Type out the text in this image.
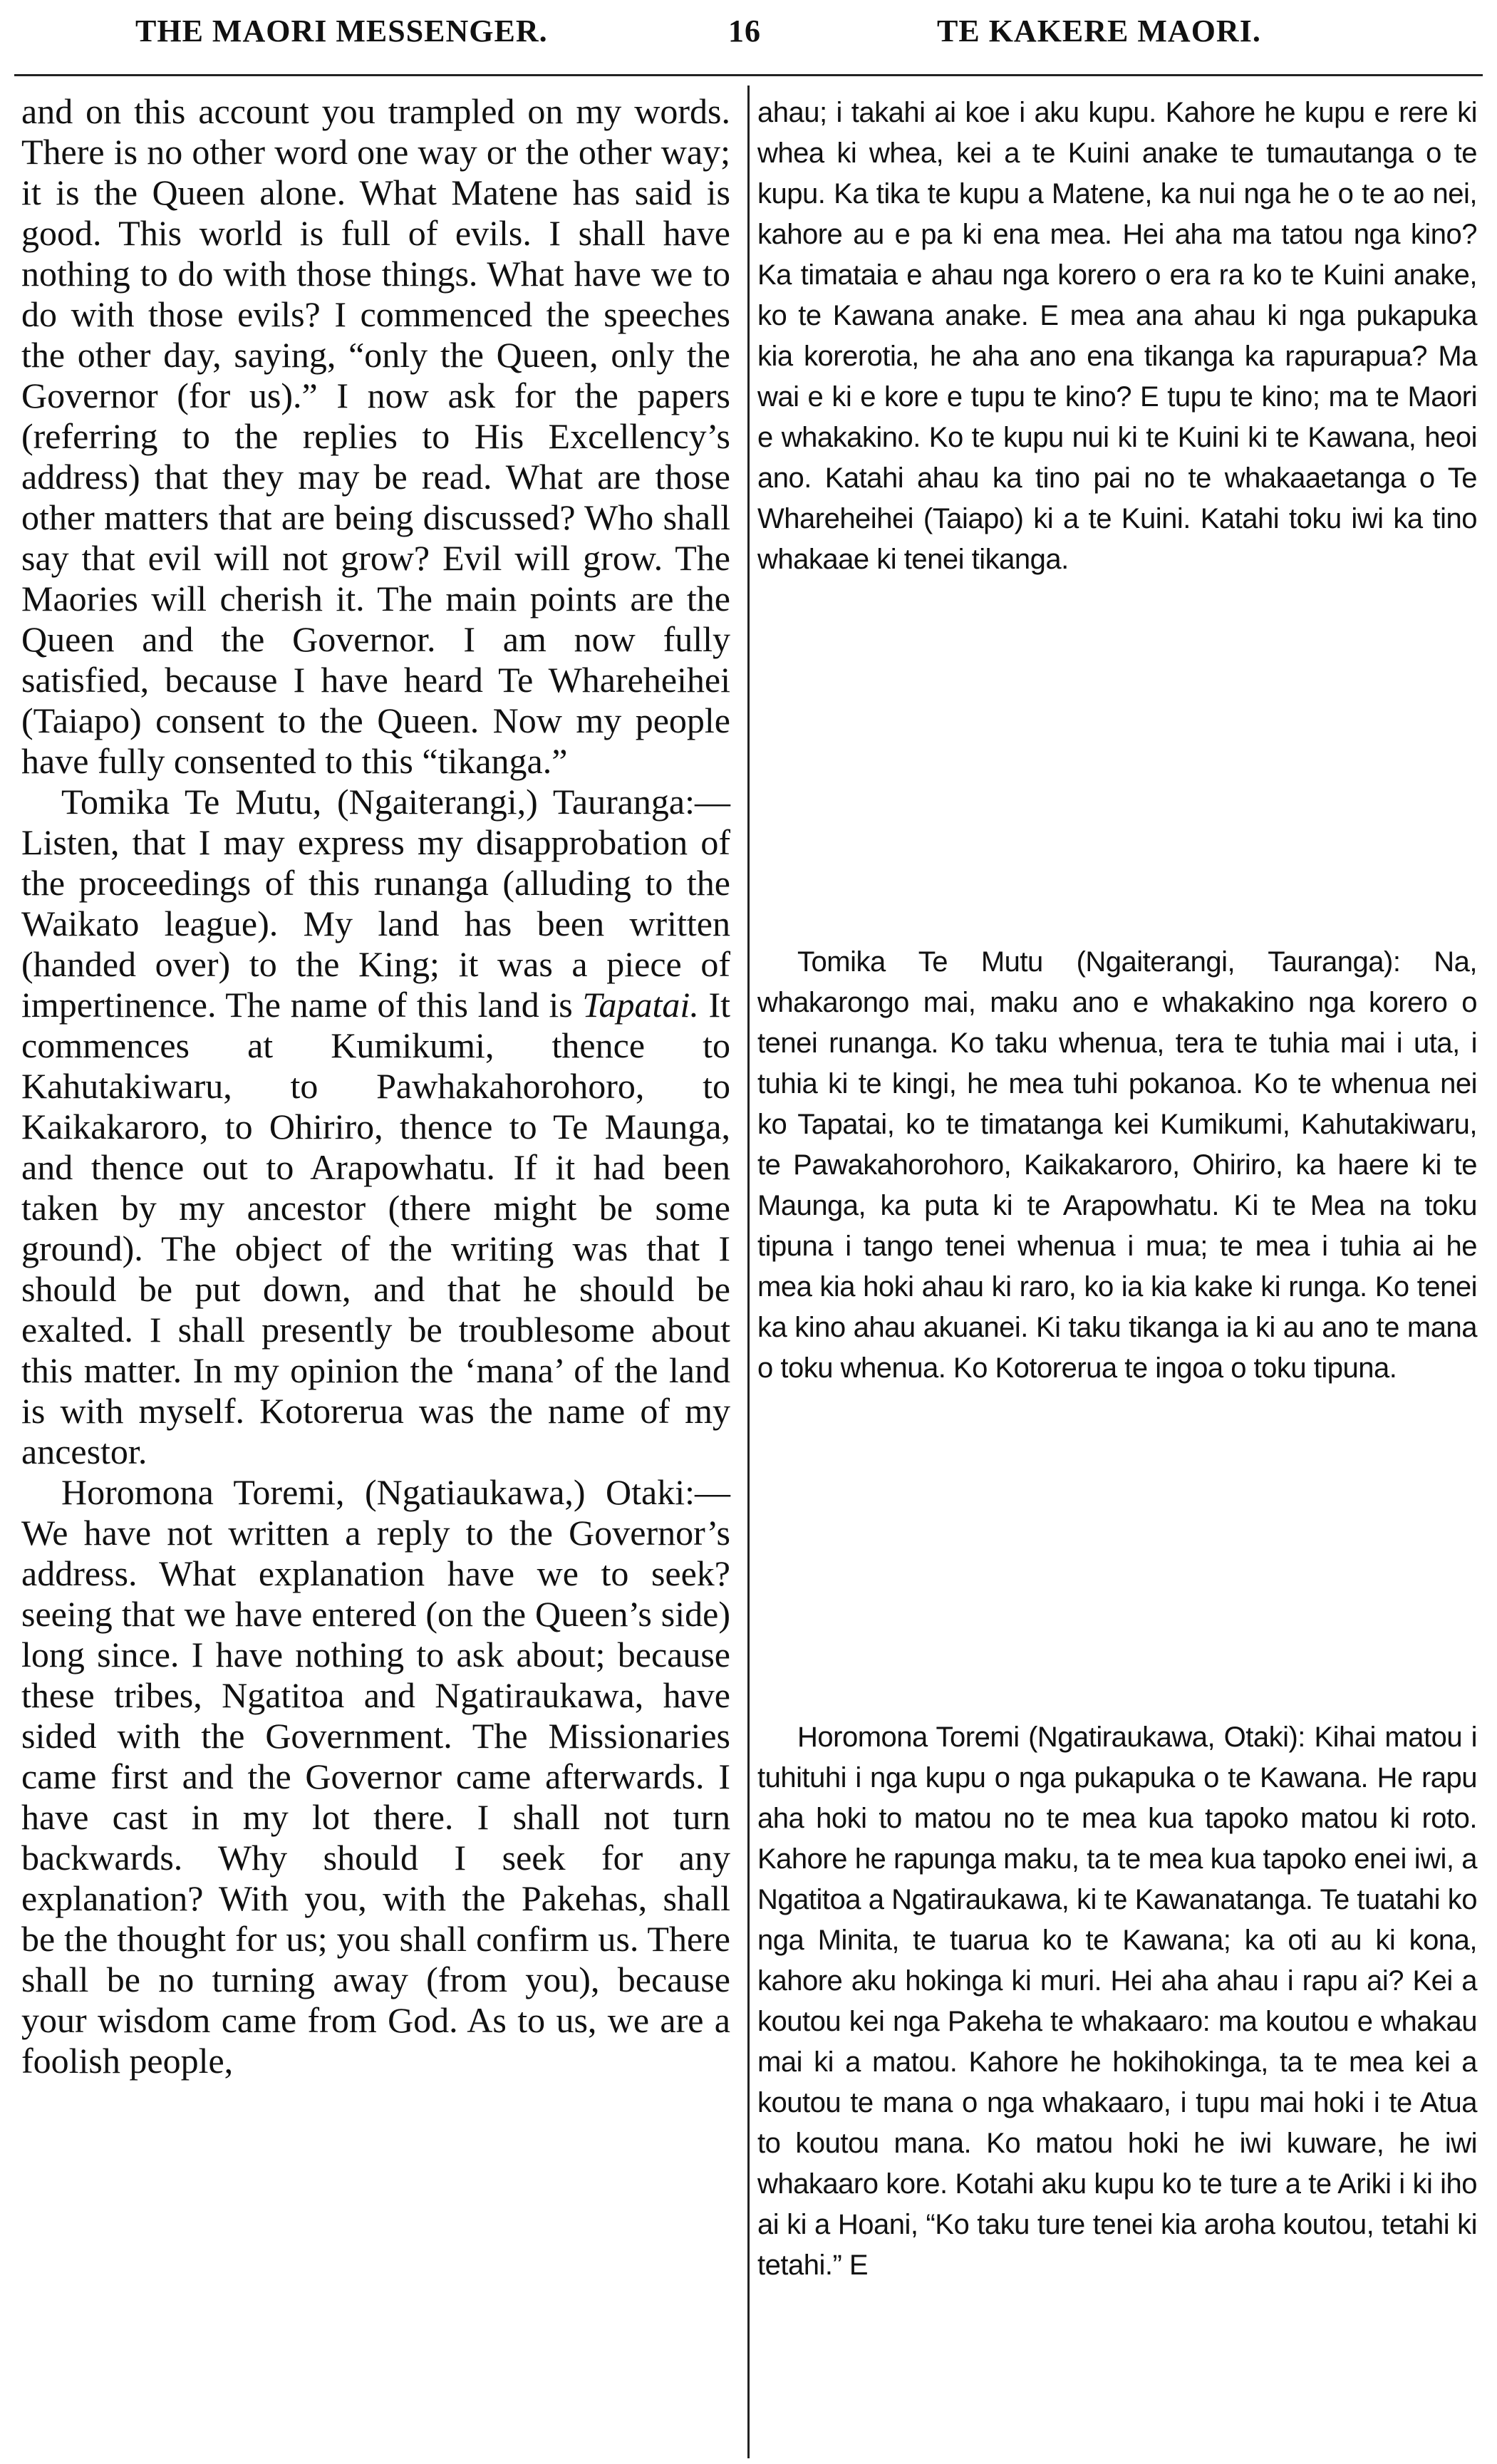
THE MAORI MESSENGER.	16	TE KAKERE MAORI.

and on this account you trampled on my words. There is no other word one way or the other way; it is the Queen alone. What Matene has said is good. This world is full of evils. I shall have nothing to do with those things. What have we to do with those evils? I commenced the speeches the other day, saying, “only the Queen, only the Governor (for us).” I now ask for the papers (referring to the replies to His Excellency’s address) that they may be read. What are those other matters that are being discussed? Who shall say that evil will not grow? Evil will grow. The Maories will cherish it. The main points are the Queen and the Governor. I am now fully satisfied, because I have heard Te Whareheihei (Taiapo) consent to the Queen. Now my people have fully consented to this “tikanga.”

Tomika Te Mutu, (Ngaiterangi,) Tauranga:—Listen, that I may express my disapprobation of the proceedings of this runanga (alluding to the Waikato league). My land has been written (handed over) to the King; it was a piece of impertinence. The name of this land is Tapatai. It commences at Kumikumi, thence to Kahutakiwaru, to Pawhakahorohoro, to Kaikakaroro, to Ohiriro, thence to Te Maunga, and thence out to Arapowhatu. If it had been taken by my ancestor (there might be some ground). The object of the writing was that I should be put down, and that he should be exalted. I shall presently be troublesome about this matter. In my opinion the ‘mana’ of the land is with myself. Kotorerua was the name of my ancestor.

Horomona Toremi, (Ngatiaukawa,) Otaki:—We have not written a reply to the Governor’s address. What explanation have we to seek? seeing that we have entered (on the Queen’s side) long since. I have nothing to ask about; because these tribes, Ngatitoa and Ngatiraukawa, have sided with the Government. The Missionaries came first and the Governor came afterwards. I have cast in my lot there. I shall not turn backwards. Why should I seek for any explanation? With you, with the Pakehas, shall be the thought for us; you shall confirm us. There shall be no turning away (from you), because your wisdom came from God. As to us, we are a foolish people,

ahau; i takahi ai koe i aku kupu. Kahore he kupu e rere ki whea ki whea, kei a te Kuini anake te tumautanga o te kupu. Ka tika te kupu a Matene, ka nui nga he o te ao nei, kahore au e pa ki ena mea. Hei aha ma tatou nga kino? Ka timataia e ahau nga korero o era ra ko te Kuini anake, ko te Kawana anake. E mea ana ahau ki nga pukapuka kia korerotia, he aha ano ena tikanga ka rapurapua? Ma wai e ki e kore e tupu te kino? E tupu te kino; ma te Maori e whakakino. Ko te kupu nui ki te Kuini ki te Kawana, heoi ano. Katahi ahau ka tino pai no te whakaaetanga o Te Whareheihei (Taiapo) ki a te Kuini. Katahi toku iwi ka tino whakaae ki tenei tikanga.

Tomika Te Mutu (Ngaiterangi, Tauranga): Na, whakarongo mai, maku ano e whakakino nga korero o tenei runanga. Ko taku whenua, tera te tuhia mai i uta, i tuhia ki te kingi, he mea tuhi pokanoa. Ko te whenua nei ko Tapatai, ko te timatanga kei Kumikumi, Kahutakiwaru, te Pawakahorohoro, Kaikakaroro, Ohiriro, ka haere ki te Maunga, ka puta ki te Arapowhatu. Ki te Mea na toku tipuna i tango tenei whenua i mua; te mea i tuhia ai he mea kia hoki ahau ki raro, ko ia kia kake ki runga. Ko tenei ka kino ahau akuanei. Ki taku tikanga ia ki au ano te mana o toku whenua. Ko Kotorerua te ingoa o toku tipuna.

Horomona Toremi (Ngatiraukawa, Otaki): Kihai matou i tuhituhi i nga kupu o nga pukapuka o te Kawana. He rapu aha hoki to matou no te mea kua tapoko matou ki roto. Kahore he rapunga maku, ta te mea kua tapoko enei iwi, a Ngatitoa a Ngatiraukawa, ki te Kawanatanga. Te tuatahi ko nga Minita, te tuarua ko te Kawana; ka oti au ki kona, kahore aku hokinga ki muri. Hei aha ahau i rapu ai? Kei a koutou kei nga Pakeha te whakaaro: ma koutou e whakau mai ki a matou. Kahore he hokihokinga, ta te mea kei a koutou te mana o nga whakaaro, i tupu mai hoki i te Atua to koutou mana. Ko matou hoki he iwi kuware, he iwi whakaaro kore. Kotahi aku kupu ko te ture a te Ariki i ki iho ai ki a Hoani, “Ko taku ture tenei kia aroha koutou, tetahi ki tetahi.” E
